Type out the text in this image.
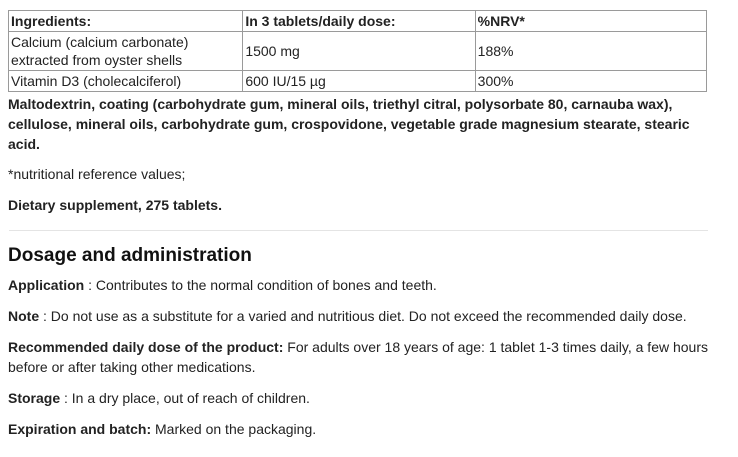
Ingredients:	In 3 tablets/daily dose:	%NRV*
Calcium (calcium carbonate) extracted from oyster shells	1500 mg	188%
Vitamin D3 (cholecalciferol)	600 IU/15 µg	300%
Maltodextrin, coating (carbohydrate gum, mineral oils, triethyl citral, polysorbate 80, carnauba wax), cellulose, mineral oils, carbohydrate gum, crospovidone, vegetable grade magnesium stearate, stearic acid.
*nutritional reference values;
Dietary supplement, 275 tablets.
Dosage and administration
Application : Contributes to the normal condition of bones and teeth.
Note : Do not use as a substitute for a varied and nutritious diet. Do not exceed the recommended daily dose.
Recommended daily dose of the product: For adults over 18 years of age: 1 tablet 1-3 times daily, a few hours before or after taking other medications.
Storage : In a dry place, out of reach of children.
Expiration and batch: Marked on the packaging.
